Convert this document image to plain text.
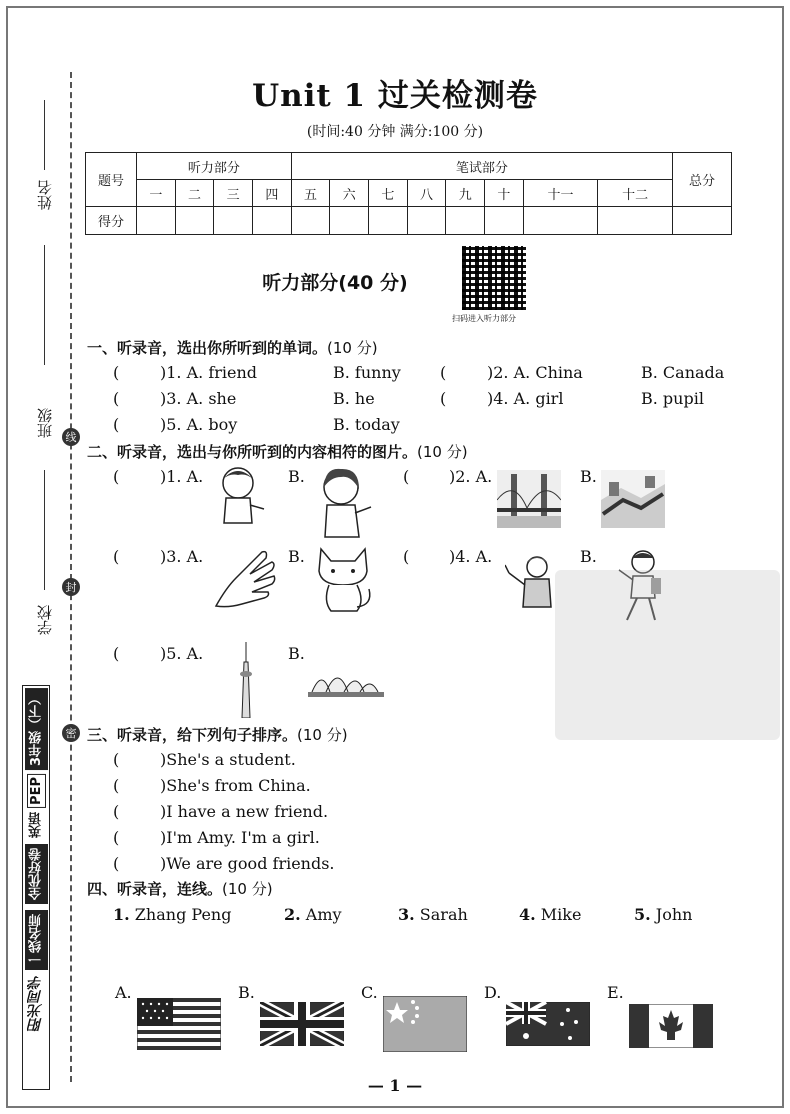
姓名
班级
学校
线
封
密
3年级（下）
PEP
英语
全优好卷
一线名师
阳光同学
Unit 1 过关检测卷
(时间:40 分钟 满分:100 分)
题号	听力部分				笔试部分								总分
	一	二	三	四	五	六	七	八	九	十	十一	十二	
得分													
听力部分(40 分)
扫码进入听力部分
一、听录音，选出你所听到的单词。(10 分)
(	)1. A. friend	B. funny (	)2. A. China	B. Canada
(	)3. A. she	B. he	(	)4. A. girl	B. pupil
(	)5. A. boy	B. today
二、听录音，选出与你所听到的内容相符的图片。(10 分)
(	)1. A.	B.	( )2. A.	B.
(	)3. A.	B.	( )4. A.	B.
(	)5. A.	B.
三、听录音，给下列句子排序。(10 分)
(	)She's a student.
(	)She's from China.
(	)I have a new friend.
(	)I'm Amy. I'm a girl.
(	)We are good friends.
四、听录音，连线。(10 分)
1. Zhang Peng	2. Amy	3. Sarah	4. Mike	5. John
A.	B.	C.	D.	E.
— 1 —
